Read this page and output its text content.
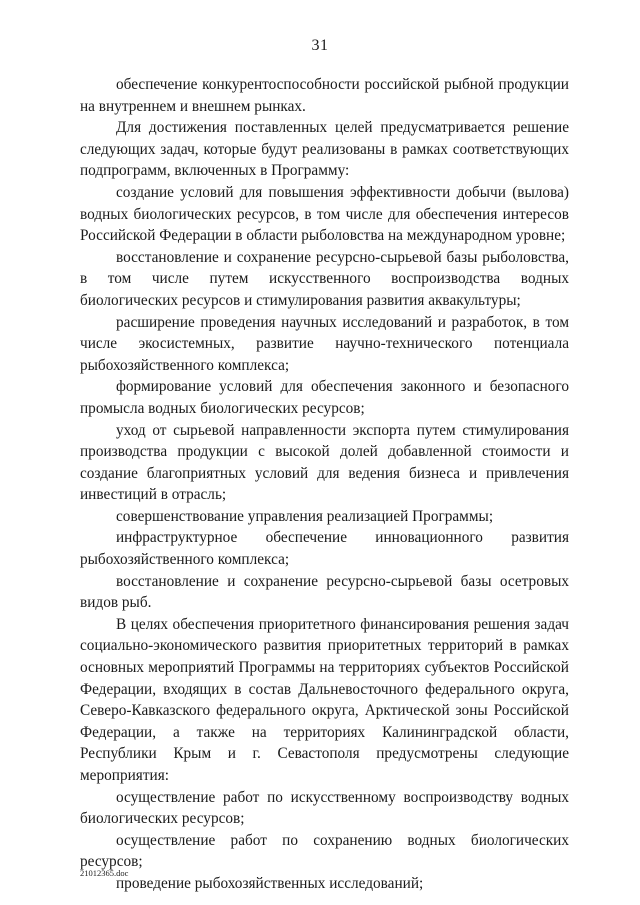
31

обеспечение конкурентоспособности российской рыбной продукции на внутреннем и внешнем рынках.

Для достижения поставленных целей предусматривается решение следующих задач, которые будут реализованы в рамках соответствующих подпрограмм, включенных в Программу:

создание условий для повышения эффективности добычи (вылова) водных биологических ресурсов, в том числе для обеспечения интересов Российской Федерации в области рыболовства на международном уровне;

восстановление и сохранение ресурсно-сырьевой базы рыболовства, в том числе путем искусственного воспроизводства водных биологических ресурсов и стимулирования развития аквакультуры;

расширение проведения научных исследований и разработок, в том числе экосистемных, развитие научно-технического потенциала рыбохозяйственного комплекса;

формирование условий для обеспечения законного и безопасного промысла водных биологических ресурсов;

уход от сырьевой направленности экспорта путем стимулирования производства продукции с высокой долей добавленной стоимости и создание благоприятных условий для ведения бизнеса и привлечения инвестиций в отрасль;

совершенствование управления реализацией Программы;

инфраструктурное обеспечение инновационного развития рыбохозяйственного комплекса;

восстановление и сохранение ресурсно-сырьевой базы осетровых видов рыб.

В целях обеспечения приоритетного финансирования решения задач социально-экономического развития приоритетных территорий в рамках основных мероприятий Программы на территориях субъектов Российской Федерации, входящих в состав Дальневосточного федерального округа, Северо-Кавказского федерального округа, Арктической зоны Российской Федерации, а также на территориях Калининградской области, Республики Крым и г. Севастополя предусмотрены следующие мероприятия:

осуществление работ по искусственному воспроизводству водных биологических ресурсов;

осуществление работ по сохранению водных биологических ресурсов;

проведение рыбохозяйственных исследований;

21012365.doc
